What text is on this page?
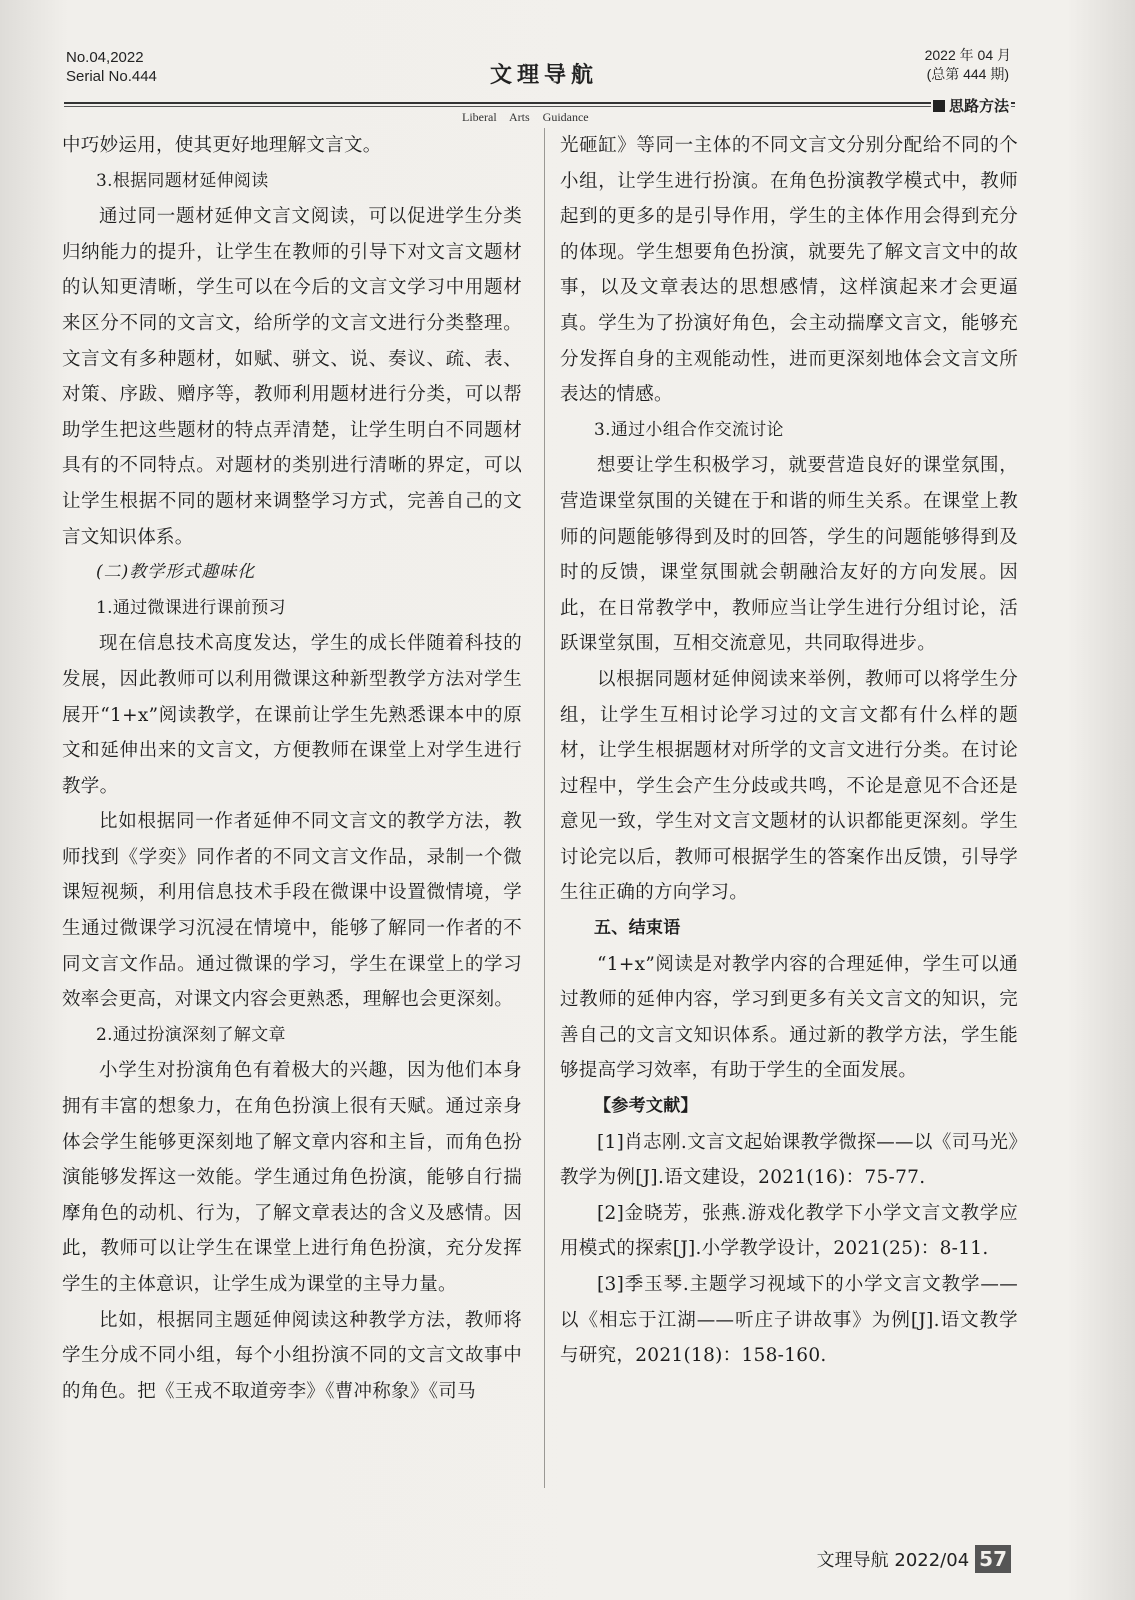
No.04,2022
Serial No.444	文理导航
2022 年 04 月
(总第 444 期)
Liberal Arts Guidance
思路方法

中巧妙运用，使其更好地理解文言文。

3.根据同题材延伸阅读

通过同一题材延伸文言文阅读，可以促进学生分类归纳能力的提升，让学生在教师的引导下对文言文题材的认知更清晰，学生可以在今后的文言文学习中用题材来区分不同的文言文，给所学的文言文进行分类整理。文言文有多种题材，如赋、骈文、说、奏议、疏、表、对策、序跋、赠序等，教师利用题材进行分类，可以帮助学生把这些题材的特点弄清楚，让学生明白不同题材具有的不同特点。对题材的类别进行清晰的界定，可以让学生根据不同的题材来调整学习方式，完善自己的文言文知识体系。

(二)教学形式趣味化

1.通过微课进行课前预习

现在信息技术高度发达，学生的成长伴随着科技的发展，因此教师可以利用微课这种新型教学方法对学生展开“1+x”阅读教学，在课前让学生先熟悉课本中的原文和延伸出来的文言文，方便教师在课堂上对学生进行教学。

比如根据同一作者延伸不同文言文的教学方法，教师找到《学奕》同作者的不同文言文作品，录制一个微课短视频，利用信息技术手段在微课中设置微情境，学生通过微课学习沉浸在情境中，能够了解同一作者的不同文言文作品。通过微课的学习，学生在课堂上的学习效率会更高，对课文内容会更熟悉，理解也会更深刻。

2.通过扮演深刻了解文章

小学生对扮演角色有着极大的兴趣，因为他们本身拥有丰富的想象力，在角色扮演上很有天赋。通过亲身体会学生能够更深刻地了解文章内容和主旨，而角色扮演能够发挥这一效能。学生通过角色扮演，能够自行揣摩角色的动机、行为，了解文章表达的含义及感情。因此，教师可以让学生在课堂上进行角色扮演，充分发挥学生的主体意识，让学生成为课堂的主导力量。

比如，根据同主题延伸阅读这种教学方法，教师将学生分成不同小组，每个小组扮演不同的文言文故事中的角色。把《王戎不取道旁李》《曹冲称象》《司马

光砸缸》等同一主体的不同文言文分别分配给不同的个小组，让学生进行扮演。在角色扮演教学模式中，教师起到的更多的是引导作用，学生的主体作用会得到充分的体现。学生想要角色扮演，就要先了解文言文中的故事，以及文章表达的思想感情，这样演起来才会更逼真。学生为了扮演好角色，会主动揣摩文言文，能够充分发挥自身的主观能动性，进而更深刻地体会文言文所表达的情感。

3.通过小组合作交流讨论

想要让学生积极学习，就要营造良好的课堂氛围，营造课堂氛围的关键在于和谐的师生关系。在课堂上教师的问题能够得到及时的回答，学生的问题能够得到及时的反馈，课堂氛围就会朝融洽友好的方向发展。因此，在日常教学中，教师应当让学生进行分组讨论，活跃课堂氛围，互相交流意见，共同取得进步。

以根据同题材延伸阅读来举例，教师可以将学生分组，让学生互相讨论学习过的文言文都有什么样的题材，让学生根据题材对所学的文言文进行分类。在讨论过程中，学生会产生分歧或共鸣，不论是意见不合还是意见一致，学生对文言文题材的认识都能更深刻。学生讨论完以后，教师可根据学生的答案作出反馈，引导学生往正确的方向学习。

五、结束语

“1+x”阅读是对教学内容的合理延伸，学生可以通过教师的延伸内容，学习到更多有关文言文的知识，完善自己的文言文知识体系。通过新的教学方法，学生能够提高学习效率，有助于学生的全面发展。

【参考文献】

[1]肖志刚.文言文起始课教学微探——以《司马光》教学为例[J].语文建设，2021(16)：75-77.

[2]金晓芳，张燕.游戏化教学下小学文言文教学应用模式的探索[J].小学教学设计，2021(25)：8-11.

[3]季玉琴.主题学习视域下的小学文言文教学——以《相忘于江湖——听庄子讲故事》为例[J].语文教学与研究，2021(18)：158-160.

文理导航 2022/04 57
